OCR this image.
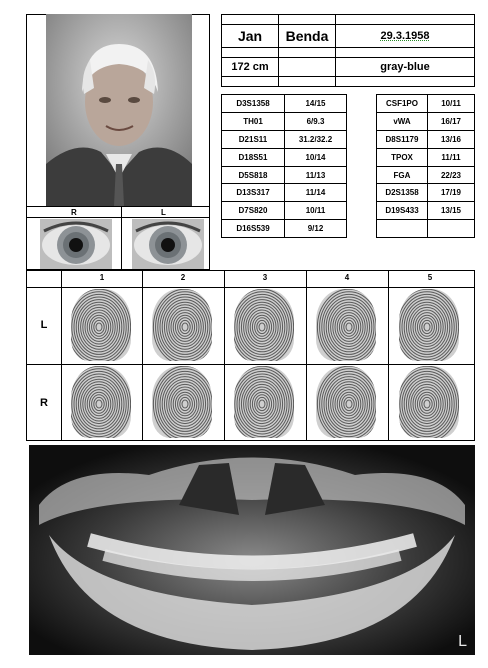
R	L

Jan	Benda	29.3.1958

172 cm		gray-blue

D3S1358	14/15
TH01	6/9.3
D21S11	31.2/32.2
D18S51	10/14
D5S818	11/13
D13S317	11/14
D7S820	10/11
D16S539	9/12
CSF1PO	10/11
vWA	16/17
D8S1179	13/16
TPOX	11/11
FGA	22/23
D2S1358	17/19
D19S433	13/15

1	2	3	4	5
L
R
L
